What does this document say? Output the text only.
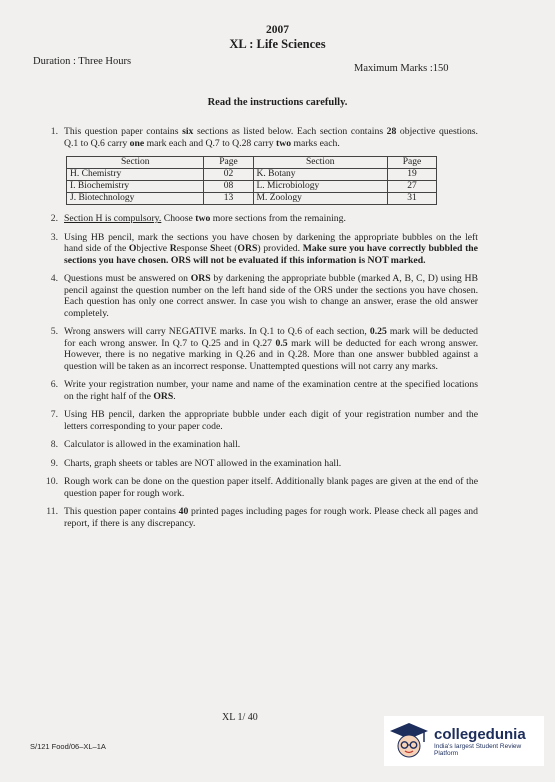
2007
XL : Life Sciences
Duration : Three Hours
Maximum Marks :150
Read the instructions carefully.
1. This question paper contains six sections as listed below. Each section contains 28 objective questions. Q.1 to Q.6 carry one mark each and Q.7 to Q.28 carry two marks each.
Section	Page	Section	Page
H. Chemistry	02	K. Botany	19
I. Biochemistry	08	L. Microbiology	27
J. Biotechnology	13	M. Zoology	31
2. Section H is compulsory. Choose two more sections from the remaining.
3. Using HB pencil, mark the sections you have chosen by darkening the appropriate bubbles on the left hand side of the Objective Response Sheet (ORS) provided. Make sure you have correctly bubbled the sections you have chosen. ORS will not be evaluated if this information is NOT marked.
4. Questions must be answered on ORS by darkening the appropriate bubble (marked A, B, C, D) using HB pencil against the question number on the left hand side of the ORS under the sections you have chosen. Each question has only one correct answer. In case you wish to change an answer, erase the old answer completely.
5. Wrong answers will carry NEGATIVE marks. In Q.1 to Q.6 of each section, 0.25 mark will be deducted for each wrong answer. In Q.7 to Q.25 and in Q.27 0.5 mark will be deducted for each wrong answer. However, there is no negative marking in Q.26 and in Q.28. More than one answer bubbled against a question will be taken as an incorrect response. Unattempted questions will not carry any marks.
6. Write your registration number, your name and name of the examination centre at the specified locations on the right half of the ORS.
7. Using HB pencil, darken the appropriate bubble under each digit of your registration number and the letters corresponding to your paper code.
8. Calculator is allowed in the examination hall.
9. Charts, graph sheets or tables are NOT allowed in the examination hall.
10. Rough work can be done on the question paper itself. Additionally blank pages are given at the end of the question paper for rough work.
11. This question paper contains 40 printed pages including pages for rough work. Please check all pages and report, if there is any discrepancy.
XL 1/ 40
S/121 Food/06–XL–1A
collegedunia
India's largest Student Review Platform
